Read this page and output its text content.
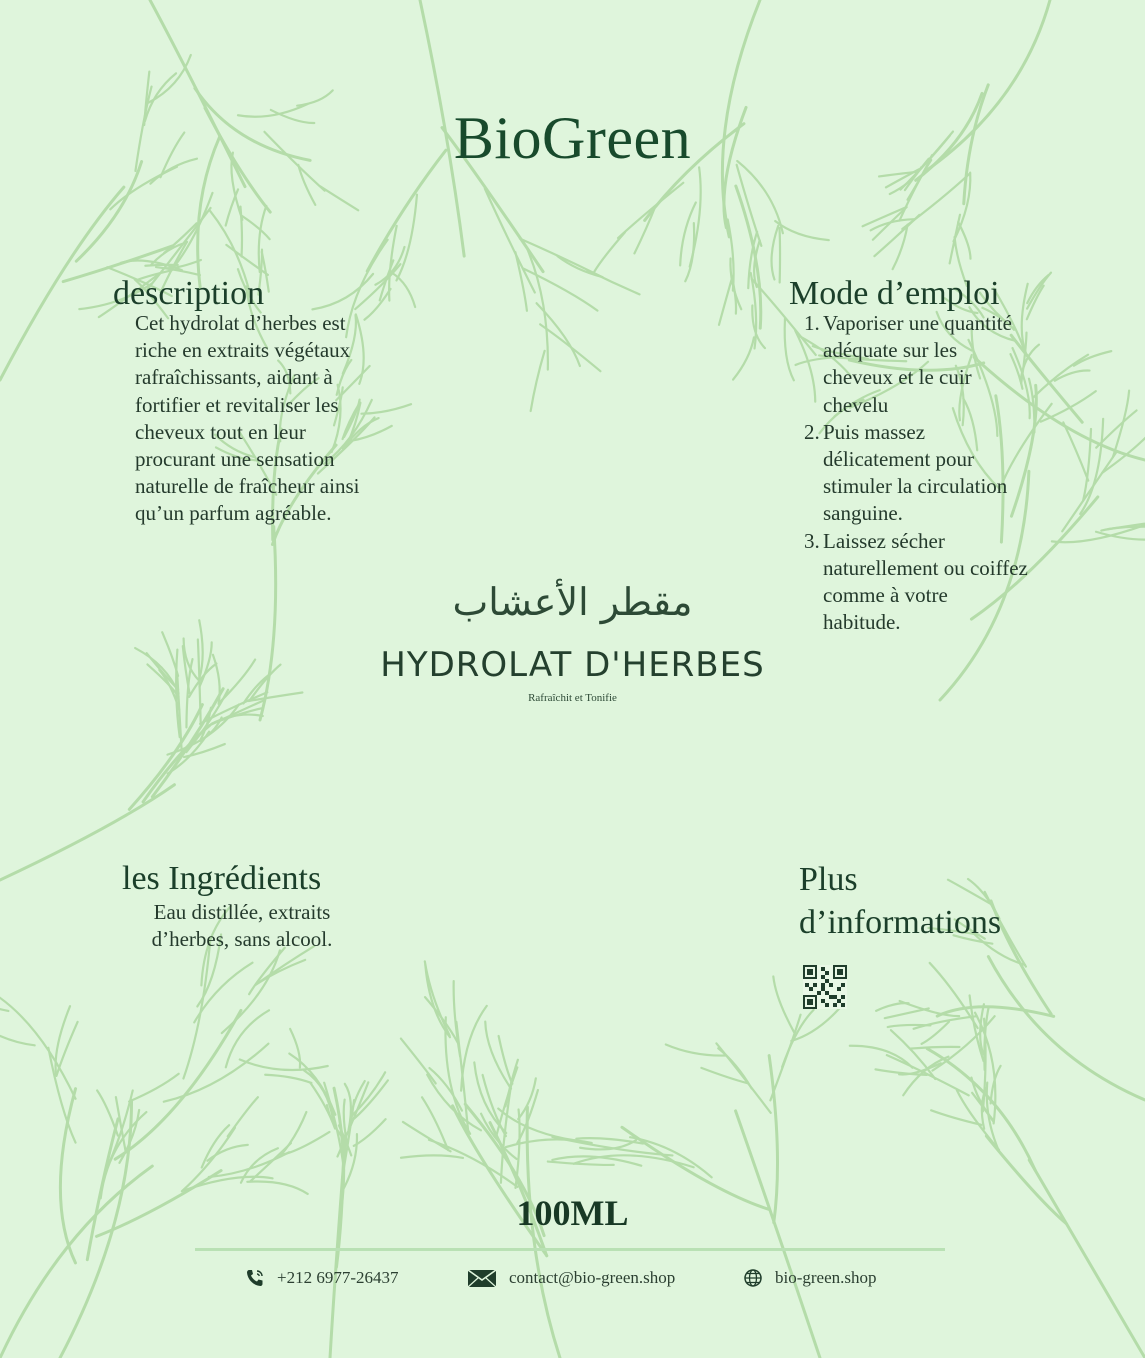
BioGreen
description
Cet hydrolat d’herbes est riche en extraits végétaux rafraîchissants, aidant à fortifier et revitaliser les cheveux tout en leur procurant une sensation naturelle de fraîcheur ainsi qu’un parfum agréable.
Mode d’emploi
1. Vaporiser une quantité adéquate sur les cheveux et le cuir chevelu
2. Puis massez délicatement pour stimuler la circulation sanguine.
3. Laissez sécher naturellement ou coiffez comme à votre habitude.
مقطر الأعشاب
HYDROLAT D'HERBES
Rafraîchit et Tonifie
les Ingrédients
Eau distillée, extraits d’herbes, sans alcool.
Plus d’informations
100ML
+212 6977-26437	contact@bio-green.shop	bio-green.shop
